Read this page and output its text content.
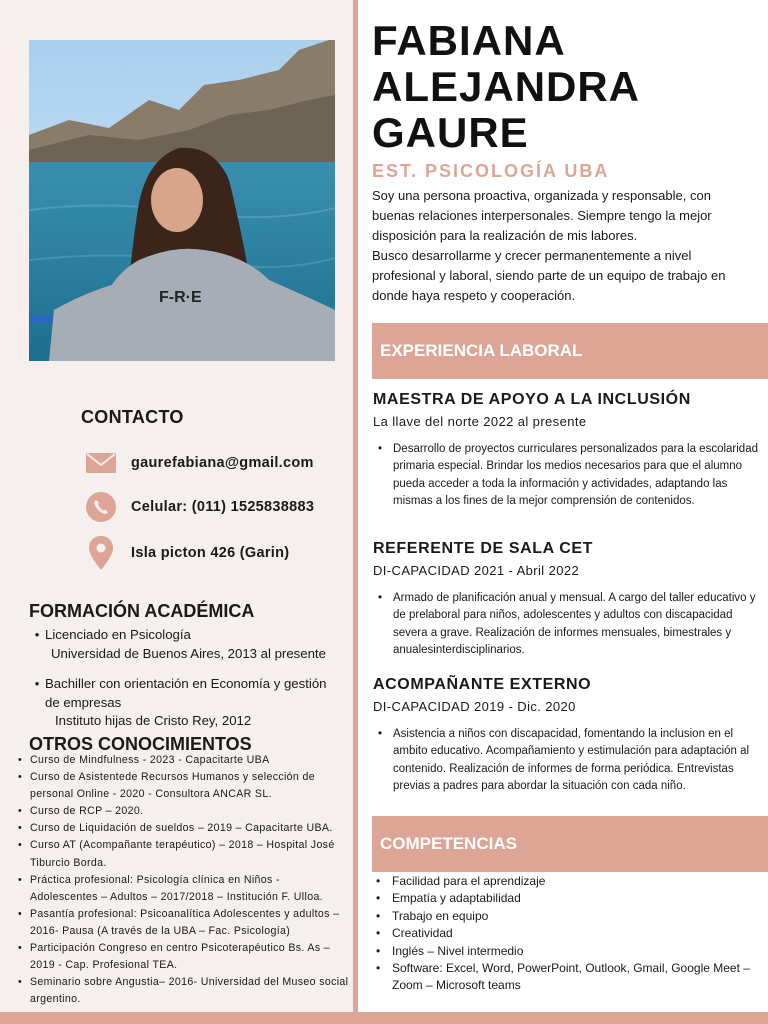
F-R·E
CONTACTO
gaurefabiana@gmail.com
Celular: (011) 1525838883
Isla picton 426 (Garin)
FORMACIÓN ACADÉMICA
• Licenciado en Psicología
Universidad de Buenos Aires, 2013 al presente
• Bachiller con orientación en Economía y gestión de empresas
Instituto hijas de Cristo Rey, 2012
OTROS CONOCIMIENTOS
• Curso de Mindfulness - 2023 - Capacitarte UBA
• Curso de Asistentede Recursos Humanos y selección de personal Online - 2020 - Consultora ANCAR SL.
• Curso de RCP – 2020.
• Curso de Liquidación de sueldos – 2019 – Capacitarte UBA.
• Curso AT (Acompañante terapéutico) – 2018 – Hospital José Tiburcio Borda.
• Práctica profesional: Psicología clínica en Niños - Adolescentes – Adultos – 2017/2018 – Institución F. Ulloa.
• Pasantía profesional: Psicoanalítica Adolescentes y adultos – 2016- Pausa (A través de la UBA – Fac. Psicología)
• Participación Congreso en centro Psicoterapéutico Bs. As – 2019 - Cap. Profesional TEA.
• Seminario sobre Angustia– 2016- Universidad del Museo social argentino.
FABIANA
ALEJANDRA
GAURE
EST. PSICOLOGÍA UBA
Soy una persona proactiva, organizada y responsable, con buenas relaciones interpersonales. Siempre tengo la mejor disposición para la realización de mis labores.
Busco desarrollarme y crecer permanentemente a nivel profesional y laboral, siendo parte de un equipo de trabajo en donde haya respeto y cooperación.
EXPERIENCIA LABORAL
MAESTRA DE APOYO A LA INCLUSIÓN
La llave del norte 2022 al presente
• Desarrollo de proyectos curriculares personalizados para la escolaridad primaria especial. Brindar los medios necesarios para que el alumno pueda acceder a toda la información y actividades, adaptando las mismas a los fines de la mejor comprensión de contenidos.
REFERENTE DE SALA CET
DI-CAPACIDAD 2021 - Abril 2022
• Armado de planificación anual y mensual. A cargo del taller educativo y de prelaboral para niños, adolescentes y adultos con discapacidad severa a grave. Realización de informes mensuales, bimestrales y anualesinterdisciplinarios.
ACOMPAÑANTE EXTERNO
DI-CAPACIDAD 2019 - Dic. 2020
• Asistencia a niños con discapacidad, fomentando la inclusion en el ambito educativo. Acompañamiento y estimulación para adaptación al contenido. Realización de informes de forma periódica. Entrevistas previas a padres para abordar la situación con cada niño.
COMPETENCIAS
• Facilidad para el aprendizaje
• Empatía y adaptabilidad
• Trabajo en equipo
• Creatividad
• Inglés – Nivel intermedio
• Software: Excel, Word, PowerPoint, Outlook, Gmail, Google Meet – Zoom – Microsoft teams
